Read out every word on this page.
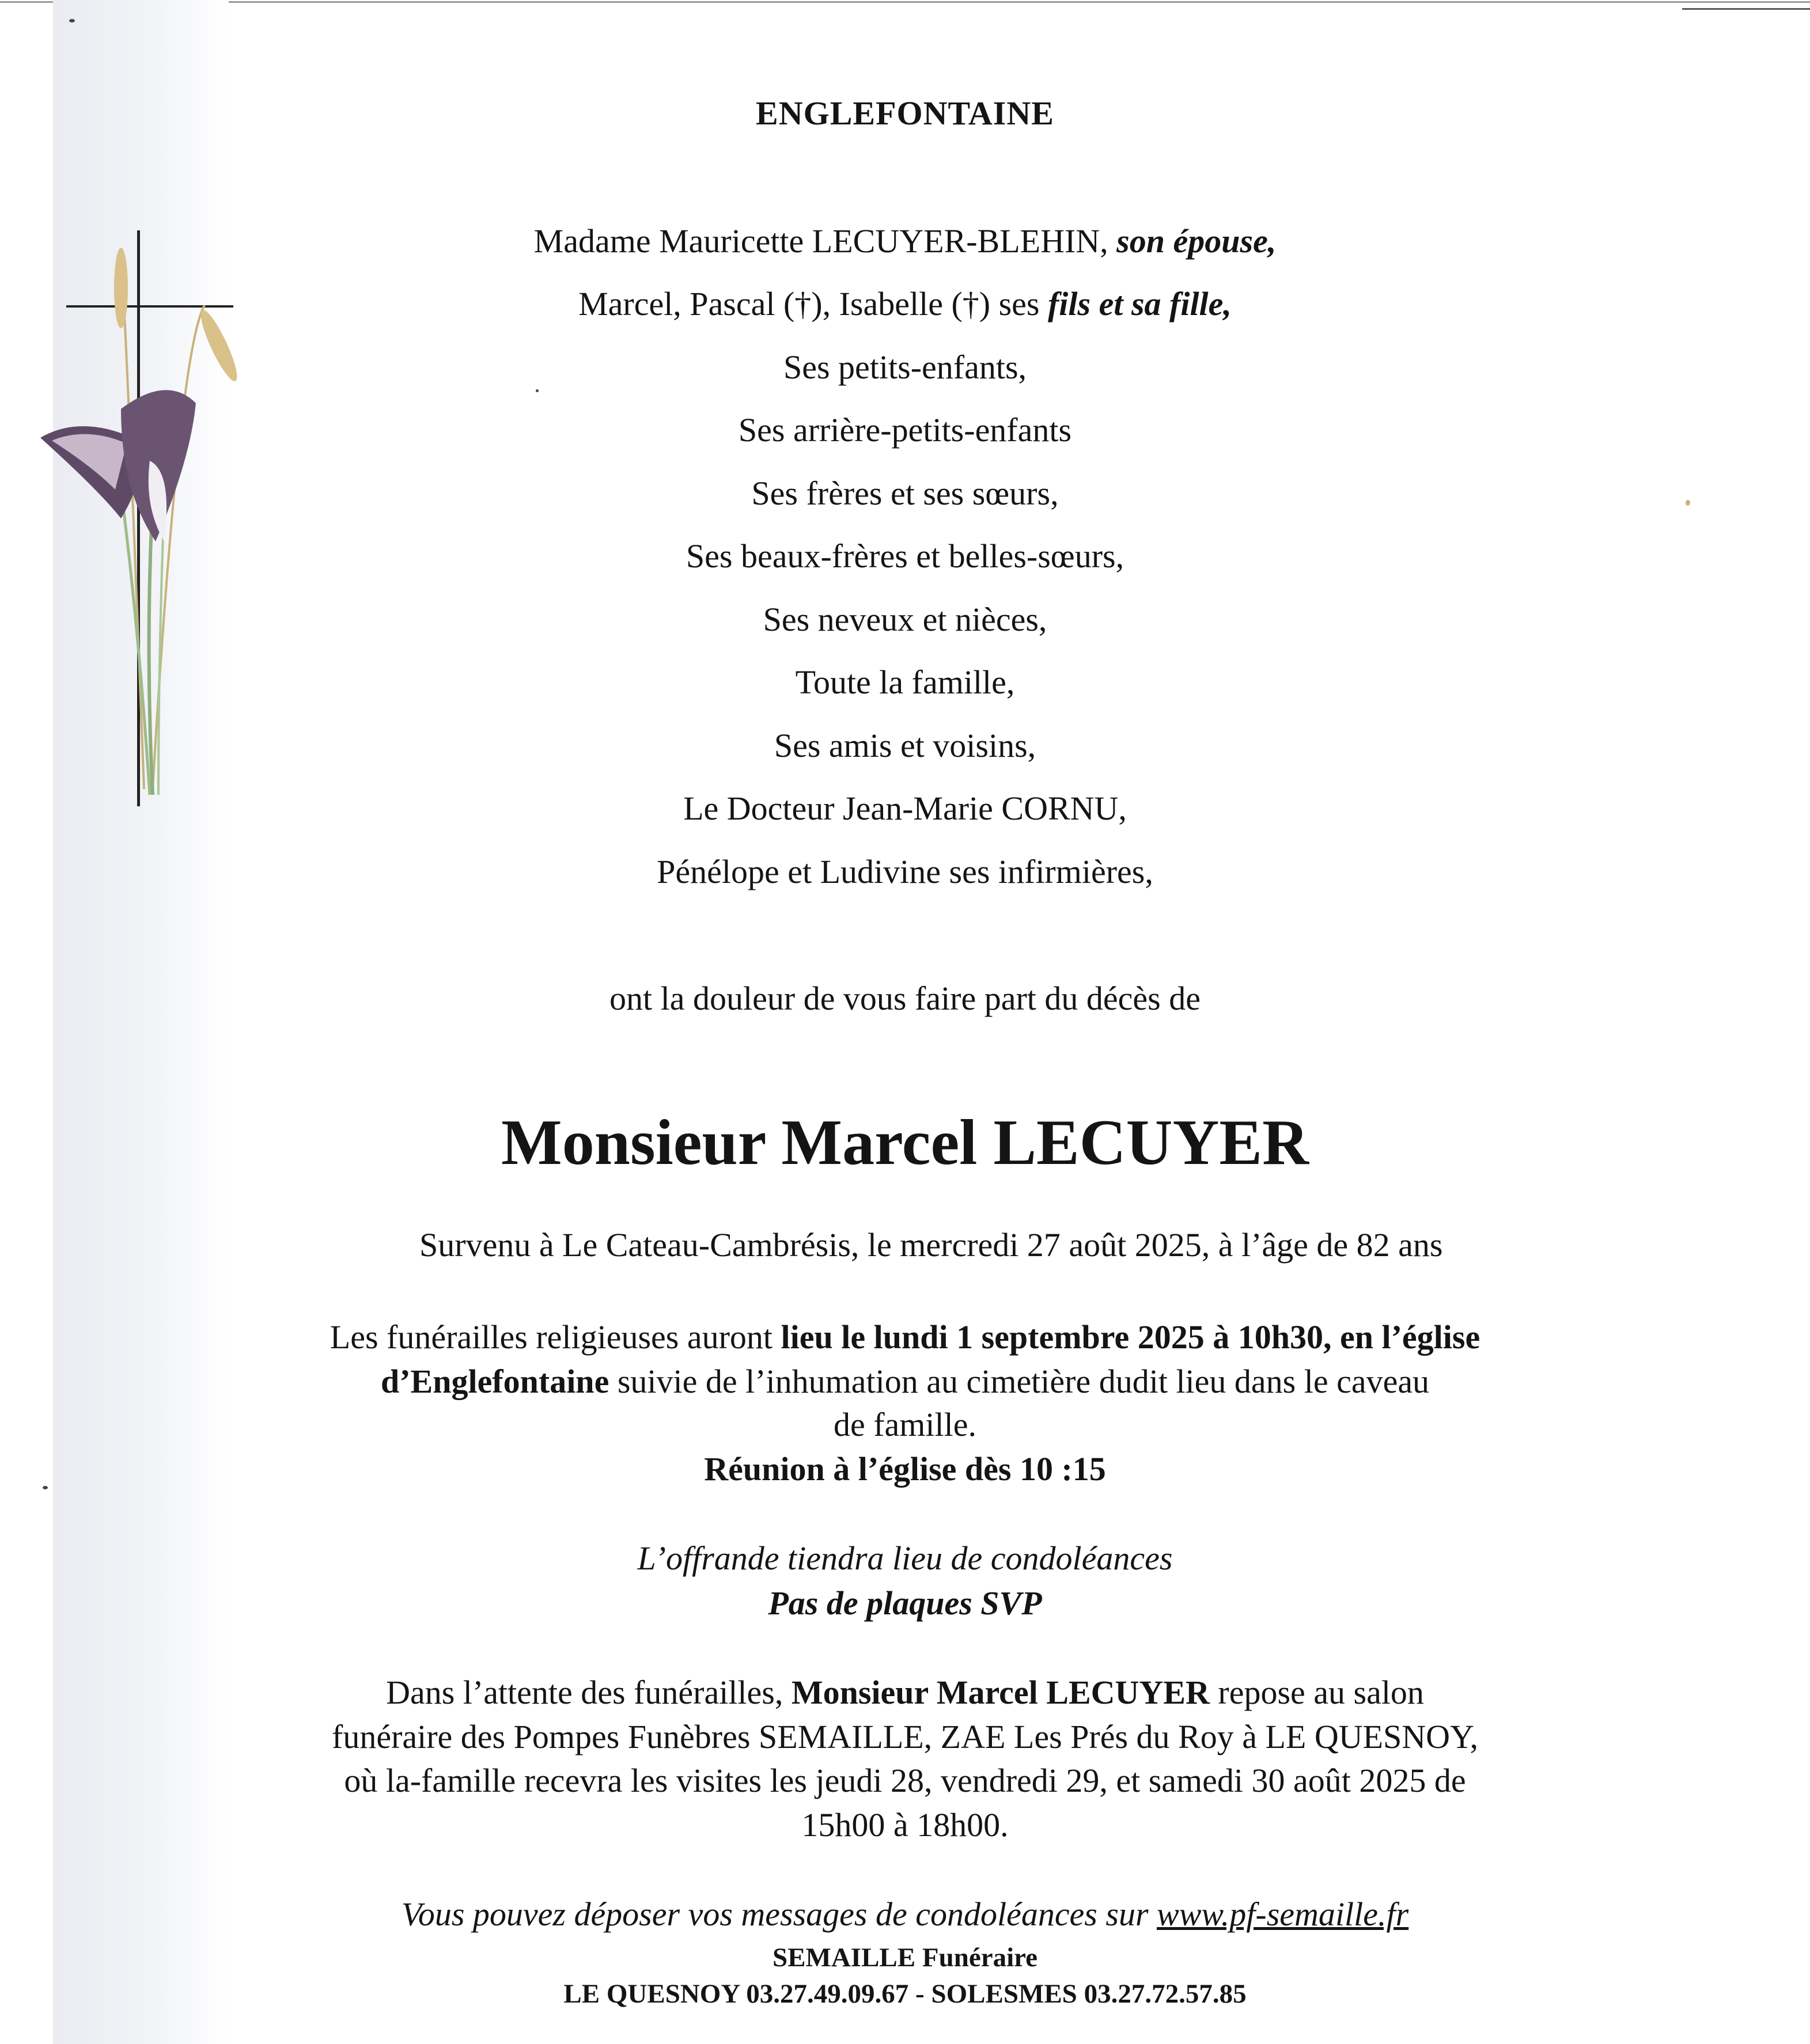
ENGLEFONTAINE
Madame Mauricette LECUYER-BLEHIN, son épouse,
Marcel, Pascal (†), Isabelle (†) ses fils et sa fille,
Ses petits-enfants,
Ses arrière-petits-enfants
Ses frères et ses sœurs,
Ses beaux-frères et belles-sœurs,
Ses neveux et nièces,
Toute la famille,
Ses amis et voisins,
Le Docteur Jean-Marie CORNU,
Pénélope et Ludivine ses infirmières,
ont la douleur de vous faire part du décès de
Monsieur Marcel LECUYER
Survenu à Le Cateau-Cambrésis, le mercredi 27 août 2025, à l’âge de 82 ans
Les funérailles religieuses auront lieu le lundi 1 septembre 2025 à 10h30, en l’église
d’Englefontaine suivie de l’inhumation au cimetière dudit lieu dans le caveau
de famille.
Réunion à l’église dès 10 :15
L’offrande tiendra lieu de condoléances
Pas de plaques SVP
Dans l’attente des funérailles, Monsieur Marcel LECUYER repose au salon
funéraire des Pompes Funèbres SEMAILLE, ZAE Les Prés du Roy à LE QUESNOY,
où la-famille recevra les visites les jeudi 28, vendredi 29, et samedi 30 août 2025 de
15h00 à 18h00.
Vous pouvez déposer vos messages de condoléances sur www.pf-semaille.fr
SEMAILLE Funéraire
LE QUESNOY 03.27.49.09.67 - SOLESMES 03.27.72.57.85
